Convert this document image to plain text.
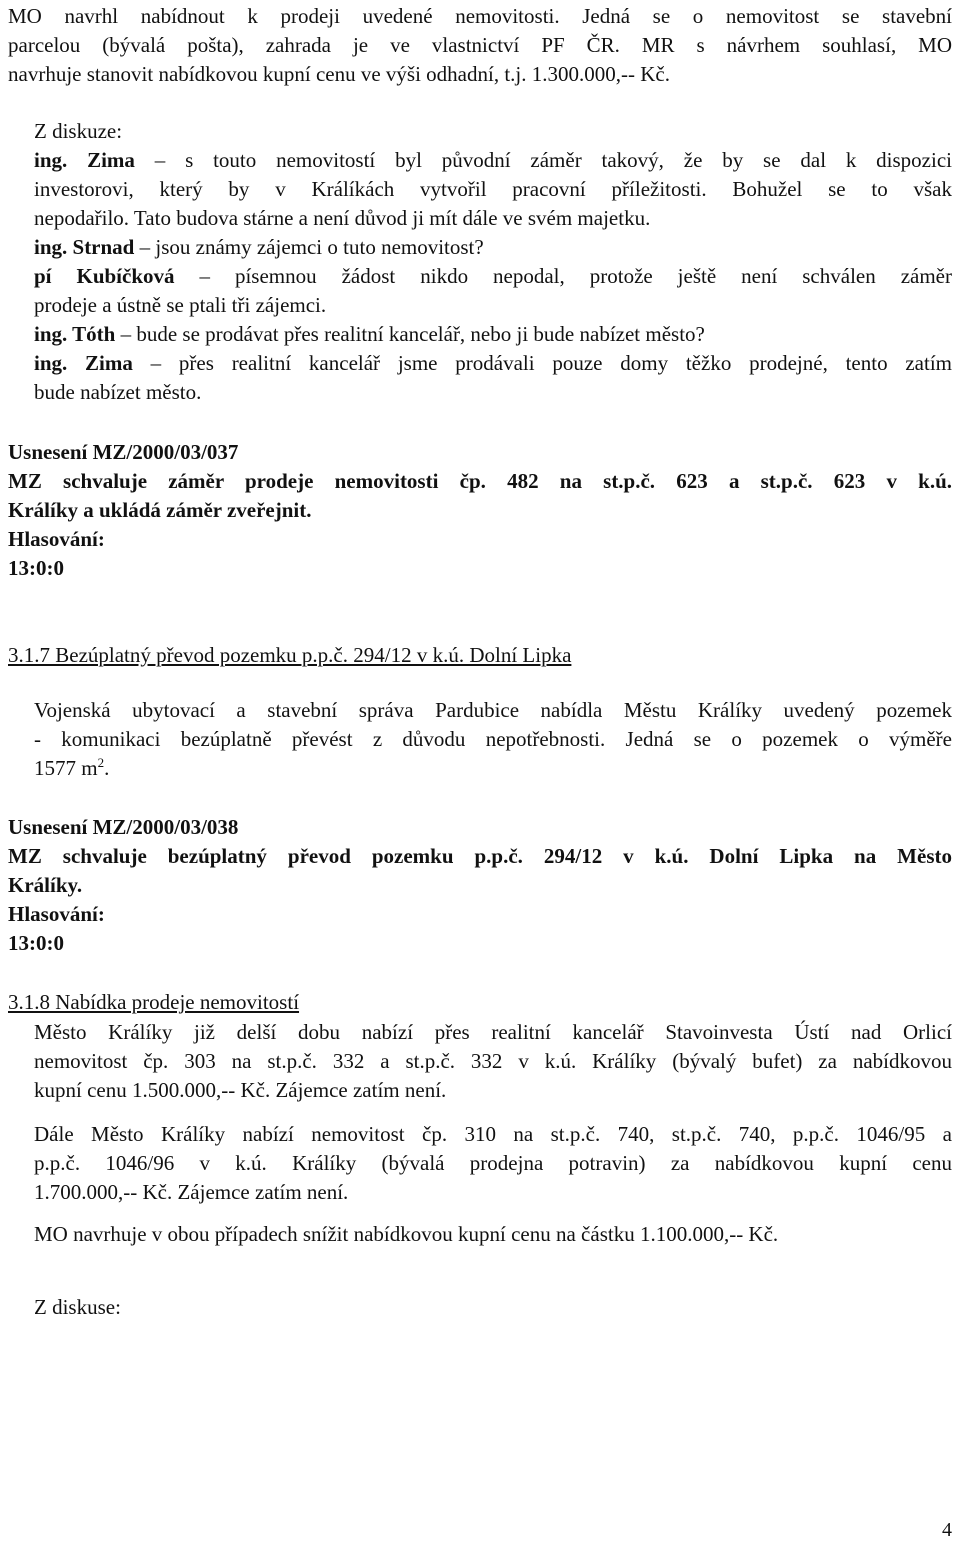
MO navrhl nabídnout k prodeji uvedené nemovitosti. Jedná se o nemovitost se stavební
parcelou (bývalá pošta), zahrada je ve vlastnictví PF ČR. MR s návrhem souhlasí, MO
navrhuje stanovit nabídkovou kupní cenu ve výši odhadní, t.j. 1.300.000,-- Kč.
Z diskuze:
ing. Zima – s touto nemovitostí byl původní záměr takový, že by se dal k dispozici
investorovi, který by v Králíkách vytvořil pracovní příležitosti. Bohužel se to však
nepodařilo. Tato budova stárne a není důvod ji mít dále ve svém majetku.
ing. Strnad – jsou známy zájemci o tuto nemovitost?
pí Kubíčková – písemnou žádost nikdo nepodal, protože ještě není schválen záměr
prodeje a ústně se ptali tři zájemci.
ing. Tóth – bude se prodávat přes realitní kancelář, nebo ji bude nabízet město?
ing. Zima – přes realitní kancelář jsme prodávali pouze domy těžko prodejné, tento zatím
bude nabízet město.
Usnesení MZ/2000/03/037
MZ schvaluje záměr prodeje nemovitosti čp. 482 na st.p.č. 623 a st.p.č. 623 v k.ú.
Králíky a ukládá záměr zveřejnit.
Hlasování:
13:0:0
3.1.7 Bezúplatný převod pozemku p.p.č. 294/12 v k.ú. Dolní Lipka
Vojenská ubytovací a stavební správa Pardubice nabídla Městu Králíky uvedený pozemek
- komunikaci bezúplatně převést z důvodu nepotřebnosti. Jedná se o pozemek o výměře
1577 $m^2$.
Usnesení MZ/2000/03/038
MZ schvaluje bezúplatný převod pozemku p.p.č. 294/12 v k.ú. Dolní Lipka na Město
Králíky.
Hlasování:
13:0:0
3.1.8 Nabídka prodeje nemovitostí
Město Králíky již delší dobu nabízí přes realitní kancelář Stavoinvesta Ústí nad Orlicí
nemovitost čp. 303 na st.p.č. 332 a st.p.č. 332 v k.ú. Králíky (bývalý bufet) za nabídkovou
kupní cenu 1.500.000,-- Kč. Zájemce zatím není.
Dále Město Králíky nabízí nemovitost čp. 310 na st.p.č. 740, st.p.č. 740, p.p.č. 1046/95 a
p.p.č. 1046/96 v k.ú. Králíky (bývalá prodejna potravin) za nabídkovou kupní cenu
1.700.000,-- Kč. Zájemce zatím není.
MO navrhuje v obou případech snížit nabídkovou kupní cenu na částku 1.100.000,-- Kč.
Z diskuse:
4
